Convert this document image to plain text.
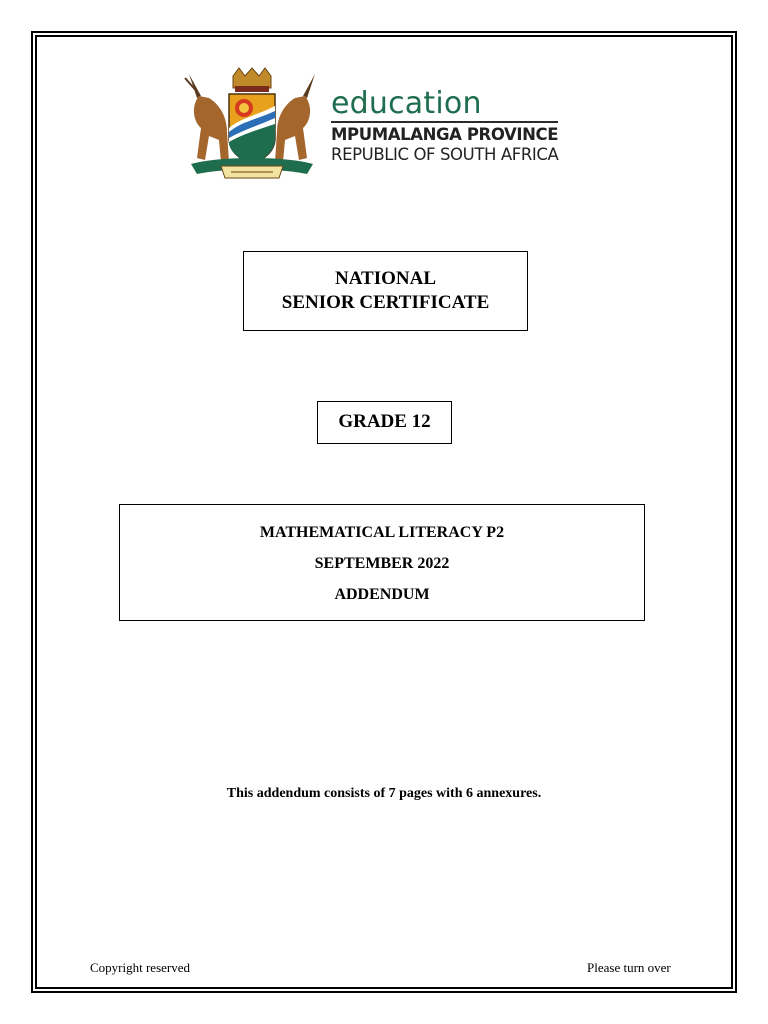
education
MPUMALANGA PROVINCE
REPUBLIC OF SOUTH AFRICA
NATIONAL
SENIOR CERTIFICATE
GRADE 12
MATHEMATICAL LITERACY P2
SEPTEMBER 2022
ADDENDUM
This addendum consists of 7 pages with 6 annexures.
Copyright reserved	Please turn over
